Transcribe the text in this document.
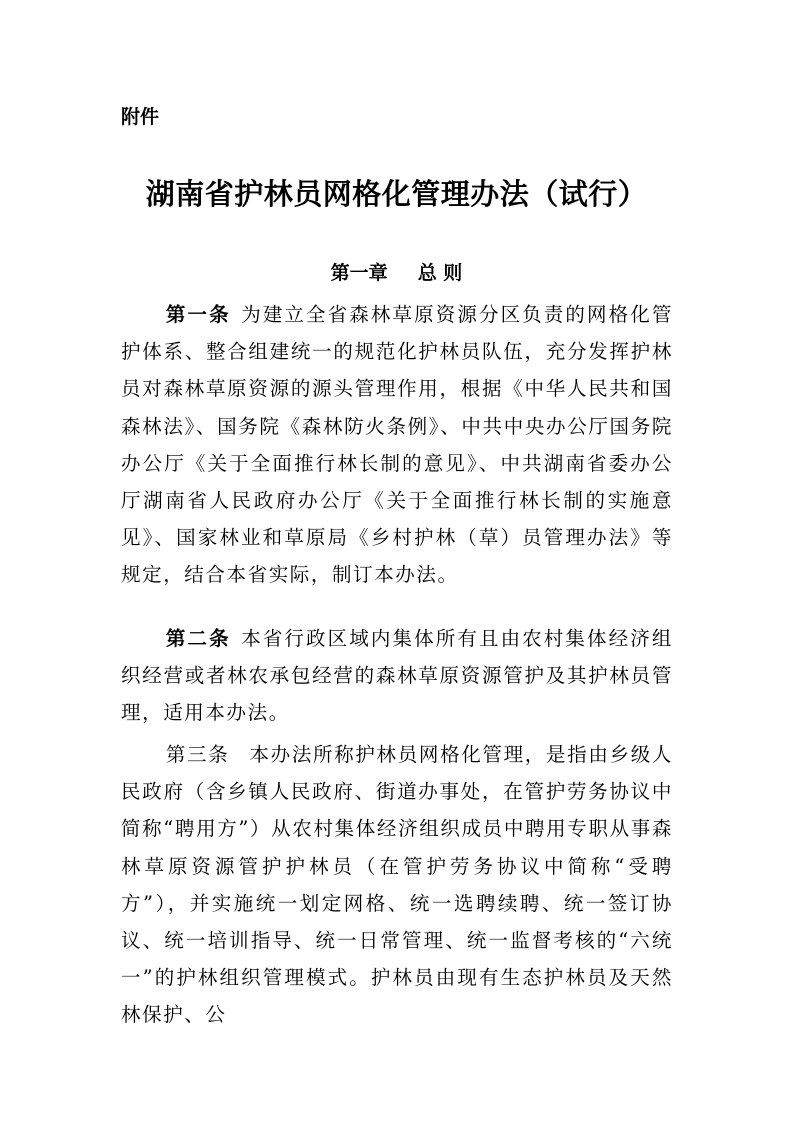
附件
湖南省护林员网格化管理办法（试行）
第一章 总 则

第一条 为建立全省森林草原资源分区负责的网格化管护体系、整合组建统一的规范化护林员队伍，充分发挥护林员对森林草原资源的源头管理作用，根据《中华人民共和国森林法》、国务院《森林防火条例》、中共中央办公厅国务院办公厅《关于全面推行林长制的意见》、中共湖南省委办公厅湖南省人民政府办公厅《关于全面推行林长制的实施意见》、国家林业和草原局《乡村护林（草）员管理办法》等规定，结合本省实际，制订本办法。

第二条 本省行政区域内集体所有且由农村集体经济组织经营或者林农承包经营的森林草原资源管护及其护林员管理，适用本办法。

第三条 本办法所称护林员网格化管理，是指由乡级人民政府（含乡镇人民政府、街道办事处，在管护劳务协议中简称“聘用方”）从农村集体经济组织成员中聘用专职从事森林草原资源管护护林员（在管护劳务协议中简称“受聘方”），并实施统一划定网格、统一选聘续聘、统一签订协议、统一培训指导、统一日常管理、统一监督考核的“六统一”的护林组织管理模式。护林员由现有生态护林员及天然林保护、公
